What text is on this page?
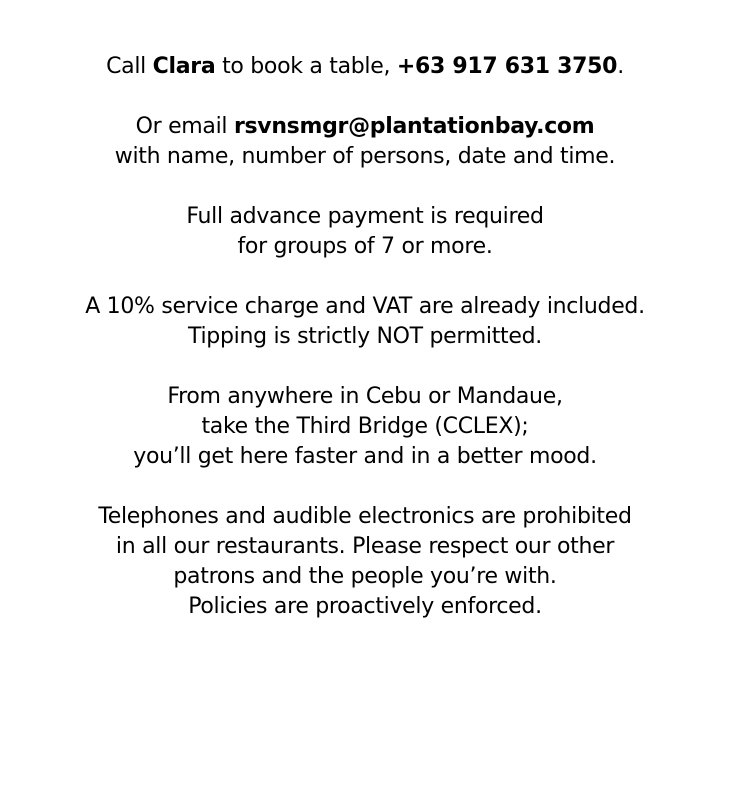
Call Clara to book a table, +63 917 631 3750.

Or email rsvnsmgr@plantationbay.com
with name, number of persons, date and time.

Full advance payment is required
for groups of 7 or more.

A 10% service charge and VAT are already included.
Tipping is strictly NOT permitted.

From anywhere in Cebu or Mandaue,
take the Third Bridge (CCLEX);
you’ll get here faster and in a better mood.

Telephones and audible electronics are prohibited
in all our restaurants. Please respect our other
patrons and the people you’re with.
Policies are proactively enforced.
